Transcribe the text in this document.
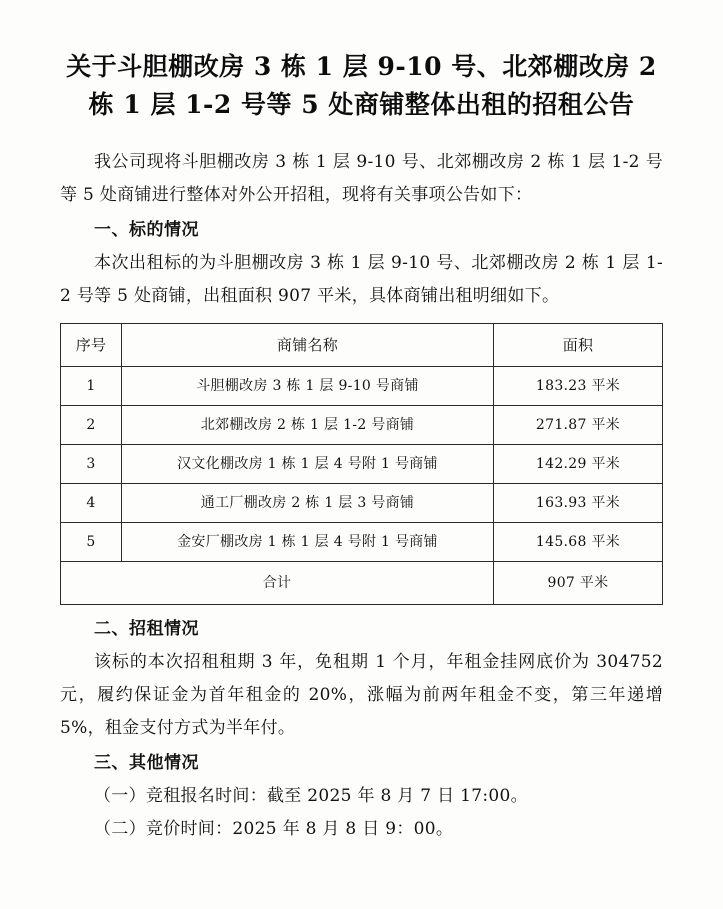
关于斗胆棚改房 3 栋 1 层 9-10 号、北郊棚改房 2 栋 1 层 1-2 号等 5 处商铺整体出租的招租公告

我公司现将斗胆棚改房 3 栋 1 层 9-10 号、北郊棚改房 2 栋 1 层 1-2 号等 5 处商铺进行整体对外公开招租，现将有关事项公告如下：

一、标的情况

本次出租标的为斗胆棚改房 3 栋 1 层 9-10 号、北郊棚改房 2 栋 1 层 1-2 号等 5 处商铺，出租面积 907 平米，具体商铺出租明细如下。

序号	商铺名称	面积
1	斗胆棚改房 3 栋 1 层 9-10 号商铺	183.23 平米
2	北郊棚改房 2 栋 1 层 1-2 号商铺	271.87 平米
3	汉文化棚改房 1 栋 1 层 4 号附 1 号商铺	142.29 平米
4	通工厂棚改房 2 栋 1 层 3 号商铺	163.93 平米
5	金安厂棚改房 1 栋 1 层 4 号附 1 号商铺	145.68 平米
合计		907 平米

二、招租情况

该标的本次招租租期 3 年，免租期 1 个月，年租金挂网底价为 304752 元，履约保证金为首年租金的 20%，涨幅为前两年租金不变，第三年递增 5%，租金支付方式为半年付。

三、其他情况

（一）竞租报名时间：截至 2025 年 8 月 7 日 17:00。

（二）竞价时间：2025 年 8 月 8 日 9：00。
